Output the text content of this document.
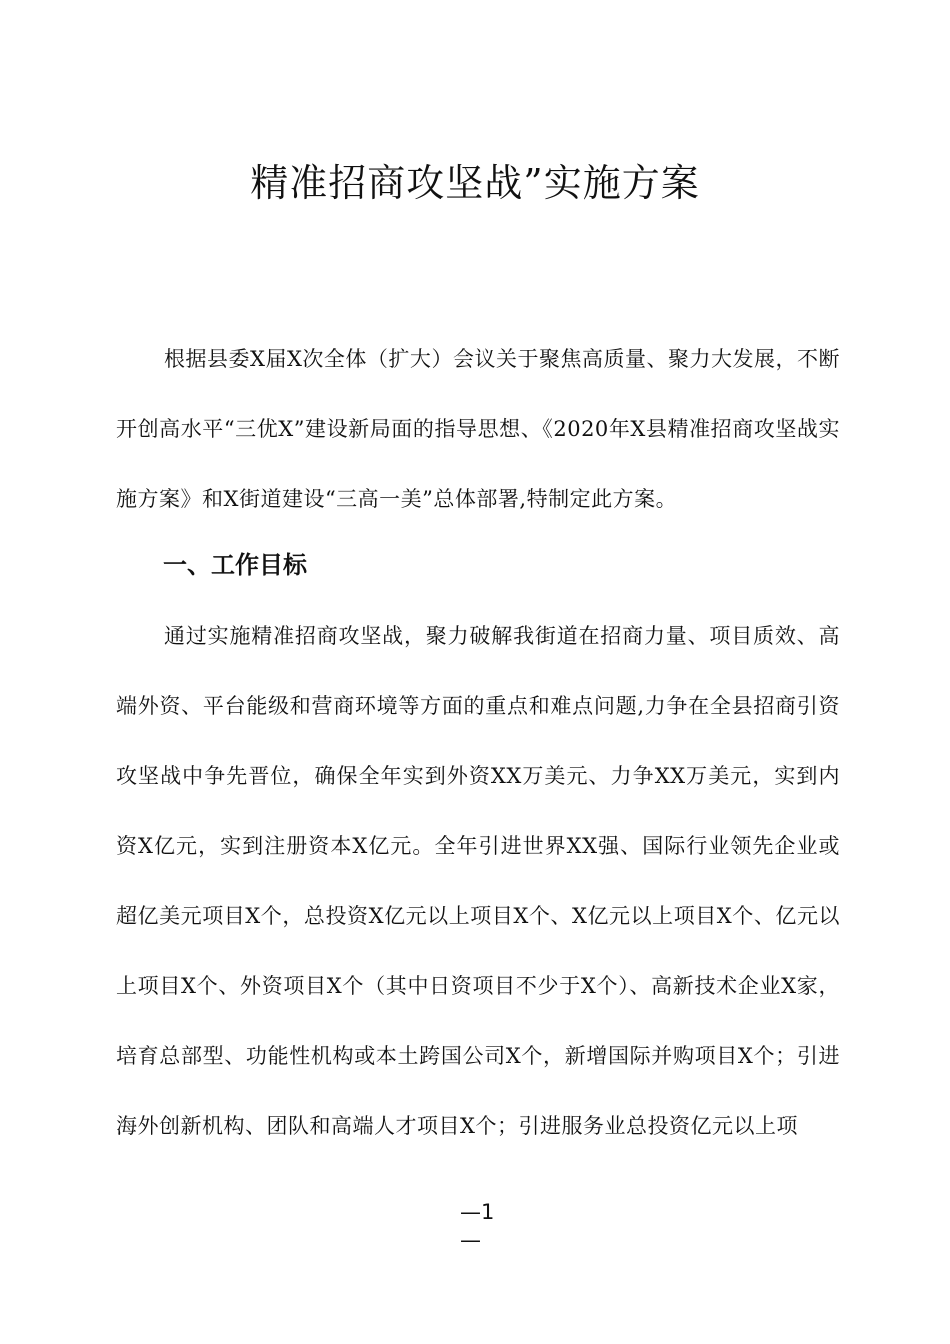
精准招商攻坚战”实施方案

根据县委X届X次全体（扩大）会议关于聚焦高质量、聚力大发展，不断开创高水平“三优X”建设新局面的指导思想、《2020年X县精准招商攻坚战实施方案》和X街道建设“三高一美”总体部署,特制定此方案。

一、工作目标

通过实施精准招商攻坚战，聚力破解我街道在招商力量、项目质效、高端外资、平台能级和营商环境等方面的重点和难点问题,力争在全县招商引资攻坚战中争先晋位，确保全年实到外资XX万美元、力争XX万美元，实到内资X亿元，实到注册资本X亿元。全年引进世界XX强、国际行业领先企业或超亿美元项目X个，总投资X亿元以上项目X个、X亿元以上项目X个、亿元以上项目X个、外资项目X个（其中日资项目不少于X个）、高新技术企业X家，培育总部型、功能性机构或本土跨国公司X个，新增国际并购项目X个；引进海外创新机构、团队和高端人才项目X个；引进服务业总投资亿元以上项

—1
—
